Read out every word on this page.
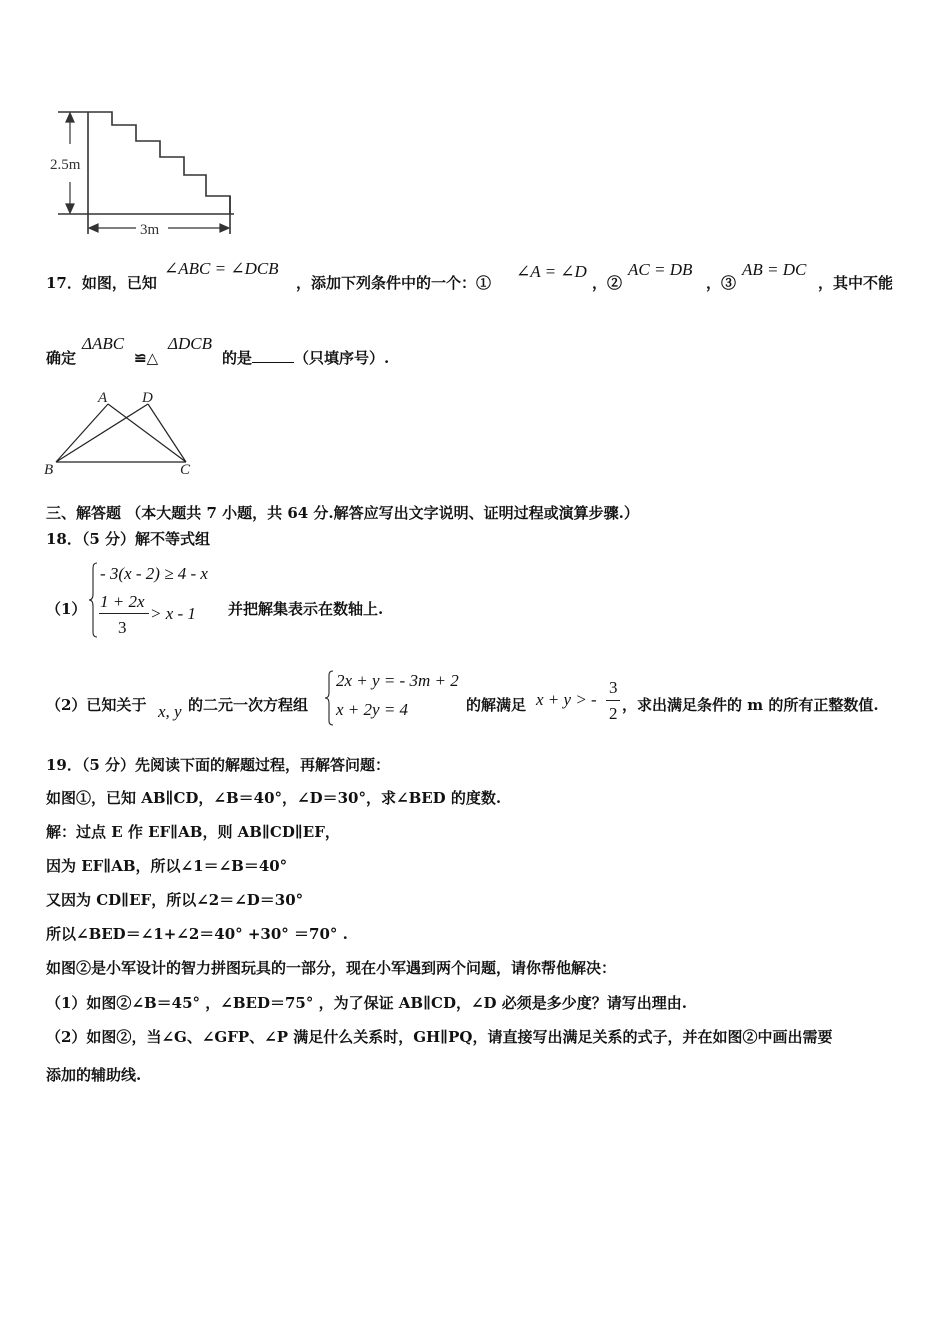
2.5m
3m
17．如图，已知
∠ABC = ∠DCB
，添加下列条件中的一个：①
∠A = ∠D
，②
AC = DB
，③
AB = DC
，其中不能
确定
ΔABC
≌△
ΔDCB
的是	（只填序号）.
A D
B	C
三、解答题 （本大题共 7 小题，共 64 分.解答应写出文字说明、证明过程或演算步骤.）
18．（5 分）解不等式组
（1）
- 3(x - 2) ≥ 4 - x
1 + 2x
3
> x - 1 并把解集表示在数轴上.
（2）已知关于 x, y 的二元一次方程组
2x + y = - 3m + 2
x + 2y = 4	的解满足 x + y > -
3
2 ，求出满足条件的 m 的所有正整数值.
19．（5 分）先阅读下面的解题过程，再解答问题：
如图①，已知 AB∥CD，∠B＝40°，∠D＝30°，求∠BED 的度数.
解：过点 E 作 EF∥AB，则 AB∥CD∥EF，
因为 EF∥AB，所以∠1＝∠B＝40°
又因为 CD∥EF，所以∠2＝∠D＝30°
所以∠BED＝∠1+∠2＝40° +30° ＝70° .
如图②是小军设计的智力拼图玩具的一部分，现在小军遇到两个问题，请你帮他解决：
（1）如图②∠B＝45° ，∠BED＝75° ，为了保证 AB∥CD，∠D 必须是多少度？请写出理由.
（2）如图②，当∠G、∠GFP、∠P 满足什么关系时，GH∥PQ，请直接写出满足关系的式子，并在如图②中画出需要
添加的辅助线.
